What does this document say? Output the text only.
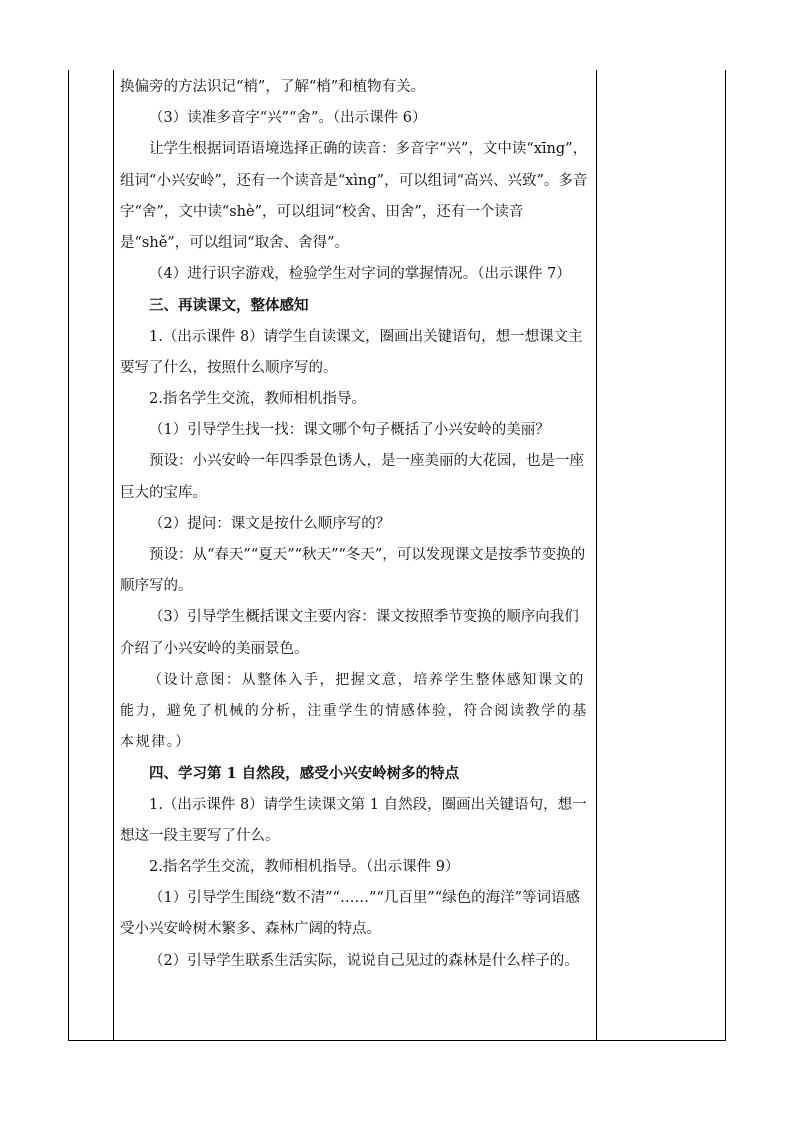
换偏旁的方法识记“梢”，了解“梢”和植物有关。

（3）读准多音字“兴”“舍”。（出示课件 6）

让学生根据词语语境选择正确的读音：多音字“兴”，文中读“xīng”，组词“小兴安岭”，还有一个读音是“xìng”，可以组词“高兴、兴致”。多音字“舍”，文中读“shè”，可以组词“校舍、田舍”，还有一个读音是“shě”，可以组词“取舍、舍得”。

（4）进行识字游戏，检验学生对字词的掌握情况。（出示课件 7）

三、再读课文，整体感知

1.（出示课件 8）请学生自读课文，圈画出关键语句，想一想课文主要写了什么，按照什么顺序写的。

2.指名学生交流，教师相机指导。

（1）引导学生找一找：课文哪个句子概括了小兴安岭的美丽？

预设：小兴安岭一年四季景色诱人，是一座美丽的大花园，也是一座巨大的宝库。

（2）提问：课文是按什么顺序写的？

预设：从“春天”“夏天”“秋天”“冬天”，可以发现课文是按季节变换的顺序写的。

（3）引导学生概括课文主要内容：课文按照季节变换的顺序向我们介绍了小兴安岭的美丽景色。

（设计意图：从整体入手，把握文意，培养学生整体感知课文的能力，避免了机械的分析，注重学生的情感体验，符合阅读教学的基本规律。）

四、学习第 1 自然段，感受小兴安岭树多的特点

1.（出示课件 8）请学生读课文第 1 自然段，圈画出关键语句，想一想这一段主要写了什么。

2.指名学生交流，教师相机指导。（出示课件 9）

（1）引导学生围绕“数不清”“……”“几百里”“绿色的海洋”等词语感受小兴安岭树木繁多、森林广阔的特点。

（2）引导学生联系生活实际，说说自己见过的森林是什么样子的。
